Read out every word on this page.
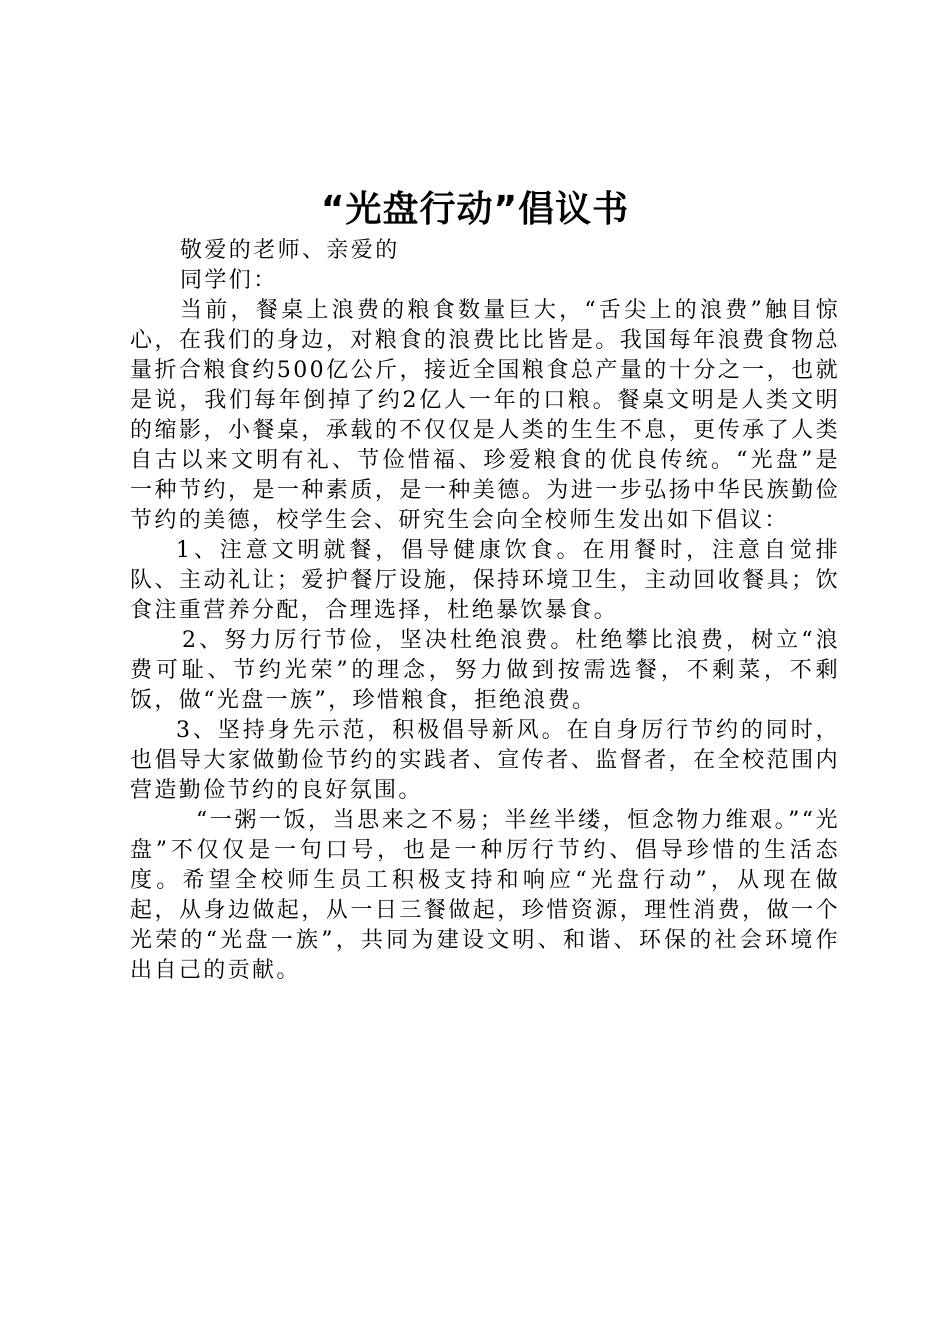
“光盘行动”倡议书

敬爱的老师、亲爱的

同学们：

当前，餐桌上浪费的粮食数量巨大，“舌尖上的浪费”触目惊心，在我们的身边，对粮食的浪费比比皆是。我国每年浪费食物总量折合粮食约500亿公斤，接近全国粮食总产量的十分之一，也就是说，我们每年倒掉了约2亿人一年的口粮。餐桌文明是人类文明的缩影，小餐桌，承载的不仅仅是人类的生生不息，更传承了人类自古以来文明有礼、节俭惜福、珍爱粮食的优良传统。“光盘”是一种节约，是一种素质，是一种美德。为进一步弘扬中华民族勤俭节约的美德，校学生会、研究生会向全校师生发出如下倡议：

1、注意文明就餐，倡导健康饮食。在用餐时，注意自觉排队、主动礼让；爱护餐厅设施，保持环境卫生，主动回收餐具；饮食注重营养分配，合理选择，杜绝暴饮暴食。

2、努力厉行节俭，坚决杜绝浪费。杜绝攀比浪费，树立“浪费可耻、节约光荣”的理念，努力做到按需选餐，不剩菜，不剩饭，做“光盘一族”，珍惜粮食，拒绝浪费。

3、坚持身先示范，积极倡导新风。在自身厉行节约的同时，也倡导大家做勤俭节约的实践者、宣传者、监督者，在全校范围内营造勤俭节约的良好氛围。

“一粥一饭，当思来之不易；半丝半缕，恒念物力维艰。”“光盘”不仅仅是一句口号，也是一种厉行节约、倡导珍惜的生活态度。希望全校师生员工积极支持和响应“光盘行动”，从现在做起，从身边做起，从一日三餐做起，珍惜资源，理性消费，做一个光荣的“光盘一族”，共同为建设文明、和谐、环保的社会环境作出自己的贡献。
